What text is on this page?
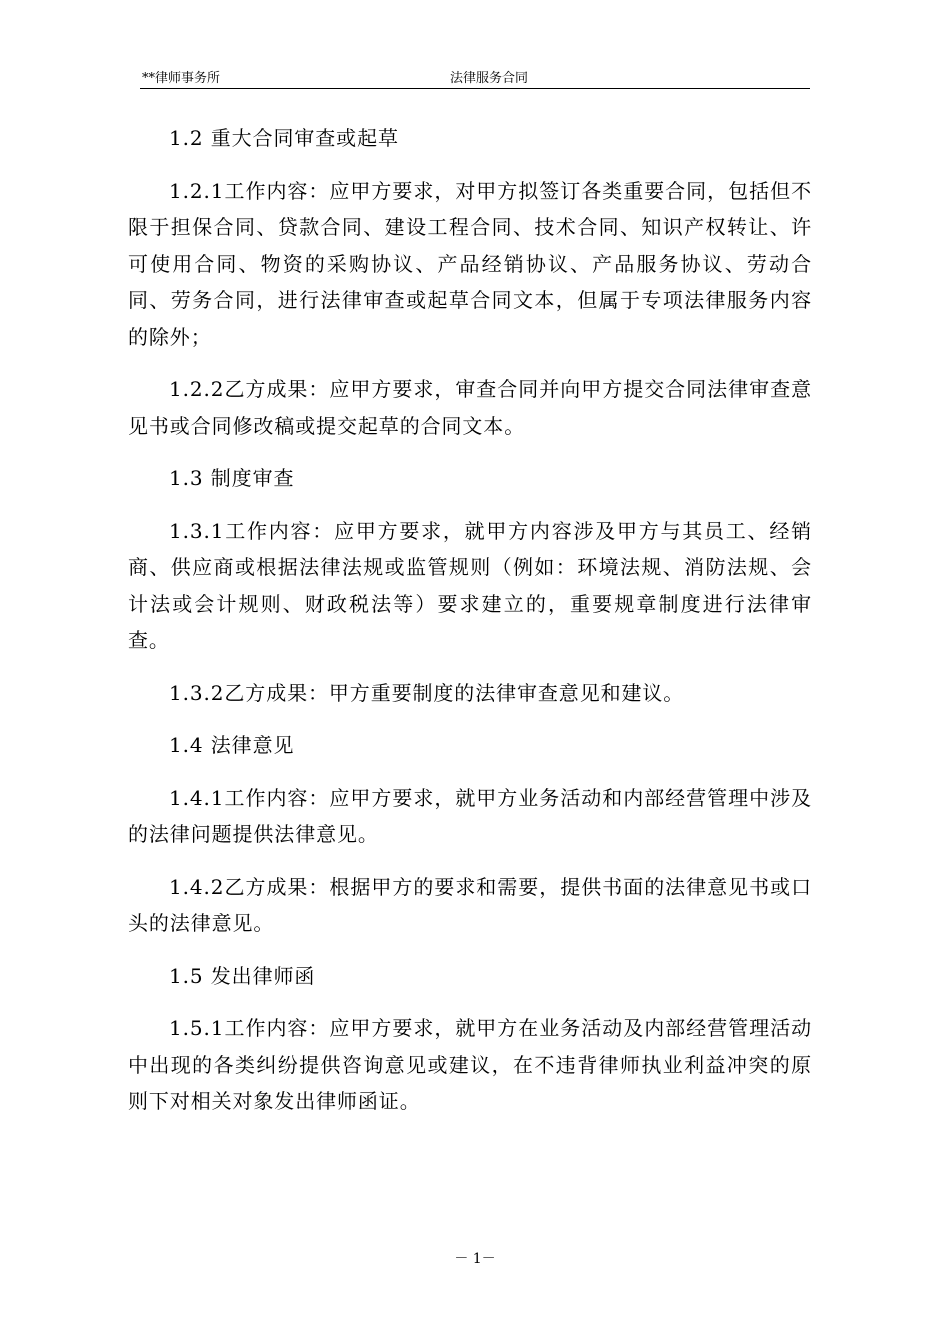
**律师事务所	法律服务合同

1.2 重大合同审查或起草

1.2.1工作内容：应甲方要求，对甲方拟签订各类重要合同，包括但不限于担保合同、贷款合同、建设工程合同、技术合同、知识产权转让、许可使用合同、物资的采购协议、产品经销协议、产品服务协议、劳动合同、劳务合同，进行法律审查或起草合同文本，但属于专项法律服务内容的除外；

1.2.2乙方成果：应甲方要求，审查合同并向甲方提交合同法律审查意见书或合同修改稿或提交起草的合同文本。

1.3 制度审查

1.3.1工作内容：应甲方要求，就甲方内容涉及甲方与其员工、经销商、供应商或根据法律法规或监管规则（例如：环境法规、消防法规、会计法或会计规则、财政税法等）要求建立的，重要规章制度进行法律审查。

1.3.2乙方成果：甲方重要制度的法律审查意见和建议。

1.4 法律意见

1.4.1工作内容：应甲方要求，就甲方业务活动和内部经营管理中涉及的法律问题提供法律意见。

1.4.2乙方成果：根据甲方的要求和需要，提供书面的法律意见书或口头的法律意见。

1.5 发出律师函

1.5.1工作内容：应甲方要求，就甲方在业务活动及内部经营管理活动中出现的各类纠纷提供咨询意见或建议，在不违背律师执业利益冲突的原则下对相关对象发出律师函证。

－ 1－
